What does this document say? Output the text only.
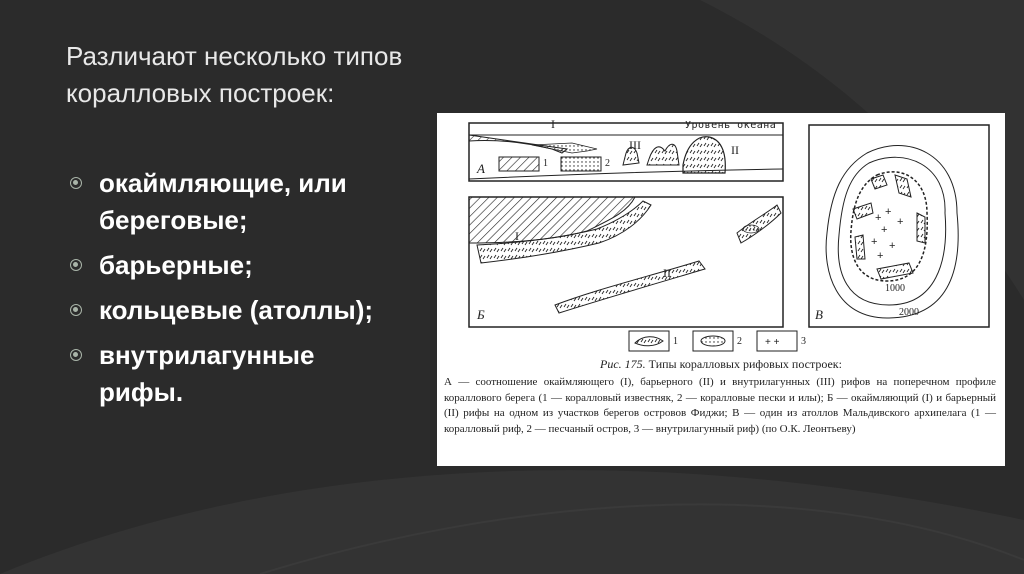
Различают несколько типов коралловых построек:
окаймляющие, или береговые;
барьерные;
кольцевые (атоллы);
внутрилагунные рифы.
+ +
+
+ +
+
+
+ +
Уровень океана
I
III	II
А	1	2
I
II
Б	В
1000
2000
1	2	3
Рис. 175. Типы коралловых рифовых построек:
А — соотношение окаймляющего (I), барьерного (II) и внутрилагунных (III) рифов на поперечном профиле кораллового берега (1 — коралловый известняк, 2 — коралловые пески и илы); Б — окаймляющий (I) и барьерный (II) рифы на одном из участков берегов островов Фиджи; В — один из атоллов Мальдивского архипелага (1 — коралловый риф, 2 — песчаный остров, 3 — внутрилагунный риф) (по О.К. Леонтьеву)
